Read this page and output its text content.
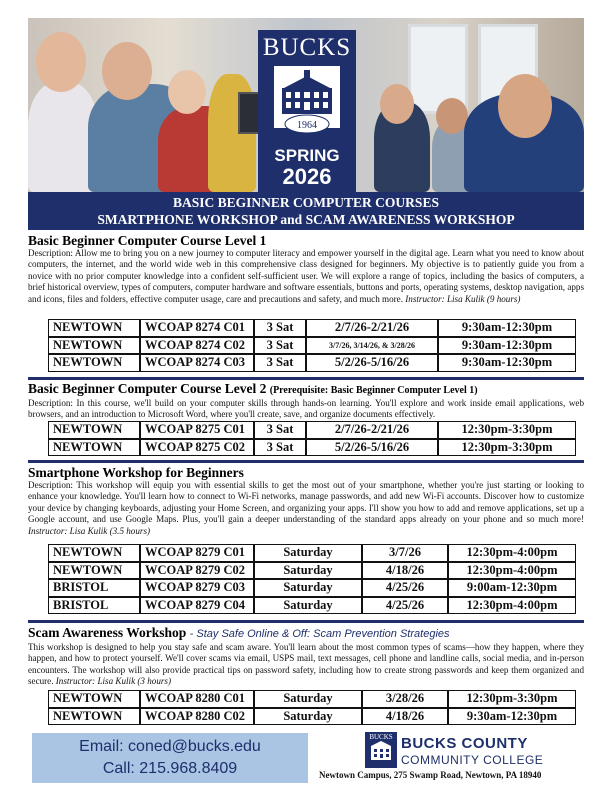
BUCKS
1964
SPRING
2026
BASIC BEGINNER COMPUTER COURSES
SMARTPHONE WORKSHOP and SCAM AWARENESS WORKSHOP
Basic Beginner Computer Course Level 1
Description: Allow me to bring you on a new journey to computer literacy and empower yourself in the digital age. Learn what you need to know about computers, the internet, and the world wide web in this comprehensive class designed for beginners. My objective is to patiently guide you from a novice with no prior computer knowledge into a confident self-sufficient user. We will explore a range of topics, including the basics of computers, a brief historical overview, types of computers, computer hardware and software essentials, buttons and ports, operating systems, desktop navigation, apps and icons, files and folders, effective computer usage, care and precautions and safety, and much more. Instructor: Lisa Kulik (9 hours)
NEWTOWN	WCOAP 8274 C01	3 Sat	2/7/26-2/21/26	9:30am-12:30pm
NEWTOWN	WCOAP 8274 C02	3 Sat	3/7/26, 3/14/26, & 3/28/26	9:30am-12:30pm
NEWTOWN	WCOAP 8274 C03	3 Sat	5/2/26-5/16/26	9:30am-12:30pm
Basic Beginner Computer Course Level 2 (Prerequisite: Basic Beginner Computer Level 1)
Description: In this course, we'll build on your computer skills through hands-on learning. You'll explore and work inside email applications, web browsers, and an introduction to Microsoft Word, where you'll create, save, and organize documents effectively.
NEWTOWN	WCOAP 8275 C01	3 Sat	2/7/26-2/21/26	12:30pm-3:30pm
NEWTOWN	WCOAP 8275 C02	3 Sat	5/2/26-5/16/26	12:30pm-3:30pm
Smartphone Workshop for Beginners
Description: This workshop will equip you with essential skills to get the most out of your smartphone, whether you're just starting or looking to enhance your knowledge. You'll learn how to connect to Wi-Fi networks, manage passwords, and add new Wi-Fi accounts. Discover how to customize your device by changing keyboards, adjusting your Home Screen, and organizing your apps. I'll show you how to add and remove applications, set up a Google account, and use Google Maps. Plus, you'll gain a deeper understanding of the standard apps already on your phone and so much more! Instructor: Lisa Kulik (3.5 hours)
NEWTOWN	WCOAP 8279 C01	Saturday	3/7/26	12:30pm-4:00pm
NEWTOWN	WCOAP 8279 C02	Saturday	4/18/26	12:30pm-4:00pm
BRISTOL	WCOAP 8279 C03	Saturday	4/25/26	9:00am-12:30pm
BRISTOL	WCOAP 8279 C04	Saturday	4/25/26	12:30pm-4:00pm
Scam Awareness Workshop - Stay Safe Online & Off: Scam Prevention Strategies
This workshop is designed to help you stay safe and scam aware. You'll learn about the most common types of scams—how they happen, where they happen, and how to protect yourself. We'll cover scams via email, USPS mail, text messages, cell phone and landline calls, social media, and in-person encounters. The workshop will also provide practical tips on password safety, including how to create strong passwords and keep them organized and secure. Instructor: Lisa Kulik (3 hours)
NEWTOWN	WCOAP 8280 C01	Saturday	3/28/26	12:30pm-3:30pm
NEWTOWN	WCOAP 8280 C02	Saturday	4/18/26	9:30am-12:30pm
Email: coned@bucks.edu
Call: 215.968.8409
BUCKS BUCKS COUNTY
COMMUNITY COLLEGE
Newtown Campus, 275 Swamp Road, Newtown, PA 18940
